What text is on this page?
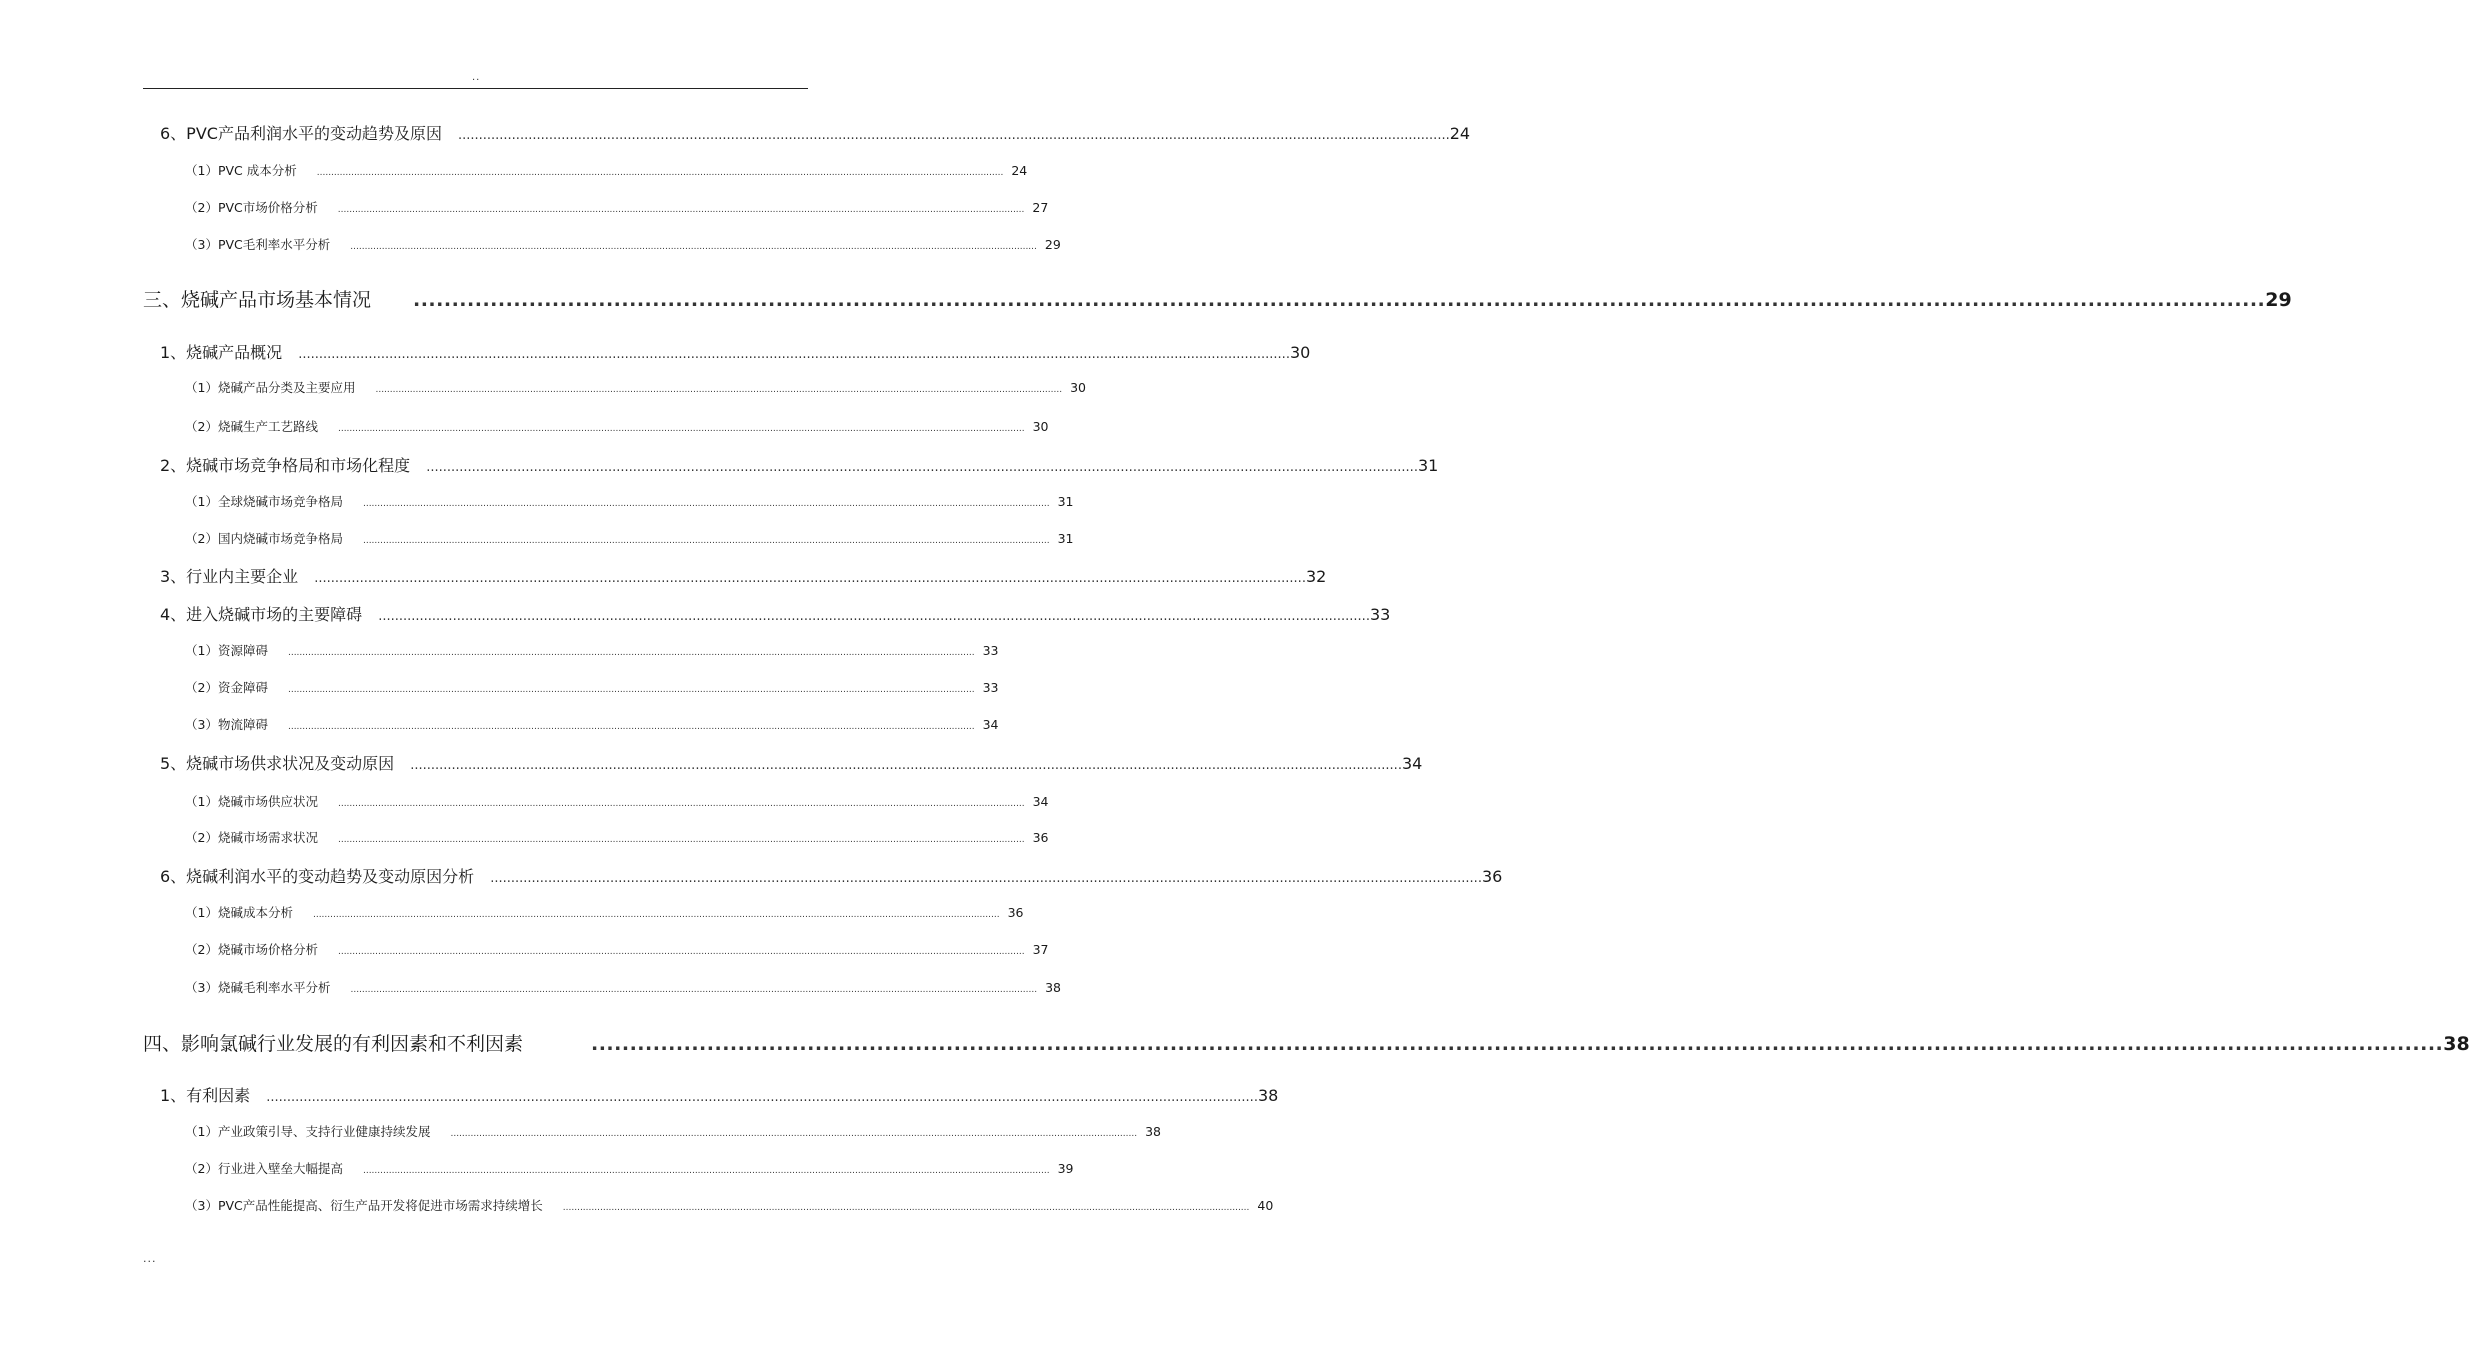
..
6、PVC产品利润水平的变动趋势及原因	................................................................................................................................................................................................................................................ 24
（1）PVC 成本分析	................................................................................................................................................................................................................................................ 24
（2）PVC市场价格分析	................................................................................................................................................................................................................................................ 27
（3）PVC毛利率水平分析	................................................................................................................................................................................................................................................ 29
三、烧碱产品市场基本情况	................................................................................................................................................................................................................................................ 29
1、烧碱产品概况	................................................................................................................................................................................................................................................ 30
（1）烧碱产品分类及主要应用	................................................................................................................................................................................................................................................ 30
（2）烧碱生产工艺路线	................................................................................................................................................................................................................................................ 30
2、烧碱市场竞争格局和市场化程度	................................................................................................................................................................................................................................................ 31
（1）全球烧碱市场竞争格局	................................................................................................................................................................................................................................................ 31
（2）国内烧碱市场竞争格局	................................................................................................................................................................................................................................................ 31
3、行业内主要企业	................................................................................................................................................................................................................................................ 32
4、进入烧碱市场的主要障碍	................................................................................................................................................................................................................................................ 33
（1）资源障碍	................................................................................................................................................................................................................................................ 33
（2）资金障碍	................................................................................................................................................................................................................................................ 33
（3）物流障碍	................................................................................................................................................................................................................................................ 34
5、烧碱市场供求状况及变动原因	................................................................................................................................................................................................................................................ 34
（1）烧碱市场供应状况	................................................................................................................................................................................................................................................ 34
（2）烧碱市场需求状况	................................................................................................................................................................................................................................................ 36
6、烧碱利润水平的变动趋势及变动原因分析	................................................................................................................................................................................................................................................ 36
（1）烧碱成本分析	................................................................................................................................................................................................................................................ 36
（2）烧碱市场价格分析	................................................................................................................................................................................................................................................ 37
（3）烧碱毛利率水平分析	................................................................................................................................................................................................................................................ 38
四、影响氯碱行业发展的有利因素和不利因素	................................................................................................................................................................................................................................................ 38
1、有利因素	................................................................................................................................................................................................................................................ 38
（1）产业政策引导、支持行业健康持续发展	................................................................................................................................................................................................................................................ 38
（2）行业进入壁垒大幅提高	................................................................................................................................................................................................................................................ 39
（3）PVC产品性能提高、衍生产品开发将促进市场需求持续增长	................................................................................................................................................................................................................................................ 40
...
